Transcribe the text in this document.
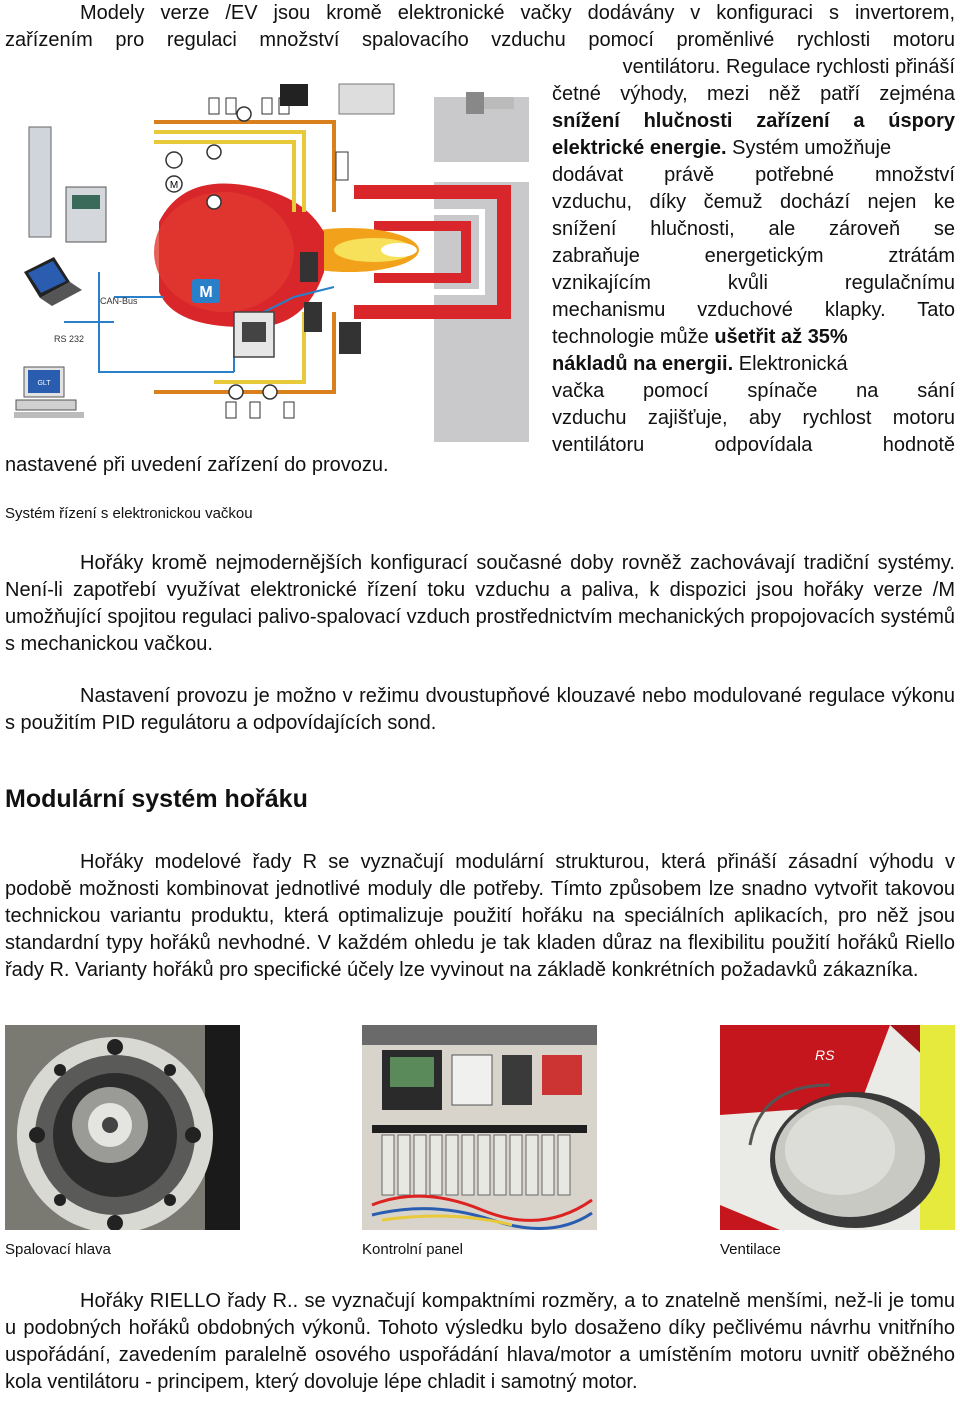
Modely verze /EV jsou kromě elektronické vačky dodávány v konfiguraci s invertorem,
zařízením pro regulaci množství spalovacího vzduchu pomocí proměnlivé rychlosti motoru
ventilátoru. Regulace rychlosti přináší
četné výhody, mezi něž patří zejména
snížení hlučnosti zařízení a úspory
elektrické energie. Systém umožňuje
dodávat právě potřebné množství
vzduchu, díky čemuž dochází nejen ke
snížení hlučnosti, ale zároveň se
zabraňuje energetickým ztrátám
vznikajícím kvůli regulačnímu
mechanismu vzduchové klapky. Tato
technologie může ušetřit až 35%
nákladů na energii. Elektronická
vačka pomocí spínače na sání
vzduchu zajišťuje, aby rychlost motoru
ventilátoru odpovídala hodnotě
nastavené při uvedení zařízení do provozu.
M
M
CAN-Bus
RS 232
GLT
Systém řízení s elektronickou vačkou

Hořáky kromě nejmodernějších konfigurací současné doby rovněž zachovávají tradiční systémy. Není-li zapotřebí využívat elektronické řízení toku vzduchu a paliva, k dispozici jsou hořáky verze /M umožňující spojitou regulaci palivo-spalovací vzduch prostřednictvím mechanických propojovacích systémů s mechanickou vačkou.

Nastavení provozu je možno v režimu dvoustupňové klouzavé nebo modulované regulace výkonu s použitím PID regulátoru a odpovídajících sond.

Modulární systém hořáku

Hořáky modelové řady R se vyznačují modulární strukturou, která přináší zásadní výhodu v podobě možnosti kombinovat jednotlivé moduly dle potřeby. Tímto způsobem lze snadno vytvořit takovou technickou variantu produktu, která optimalizuje použití hořáku na speciálních aplikacích, pro něž jsou standardní typy hořáků nevhodné. V každém ohledu je tak kladen důraz na flexibilitu použití hořáků Riello řady R. Varianty hořáků pro specifické účely lze vyvinout na základě konkrétních požadavků zákazníka.

RS
Spalovací hlava	Kontrolní panel	Ventilace

Hořáky RIELLO řady R.. se vyznačují kompaktními rozměry, a to znatelně menšími, než-li je tomu u podobných hořáků obdobných výkonů. Tohoto výsledku bylo dosaženo díky pečlivému návrhu vnitřního uspořádání, zavedením paralelně osového uspořádání hlava/motor a umístěním motoru uvnitř oběžného kola ventilátoru - principem, který dovoluje lépe chladit i samotný motor.
